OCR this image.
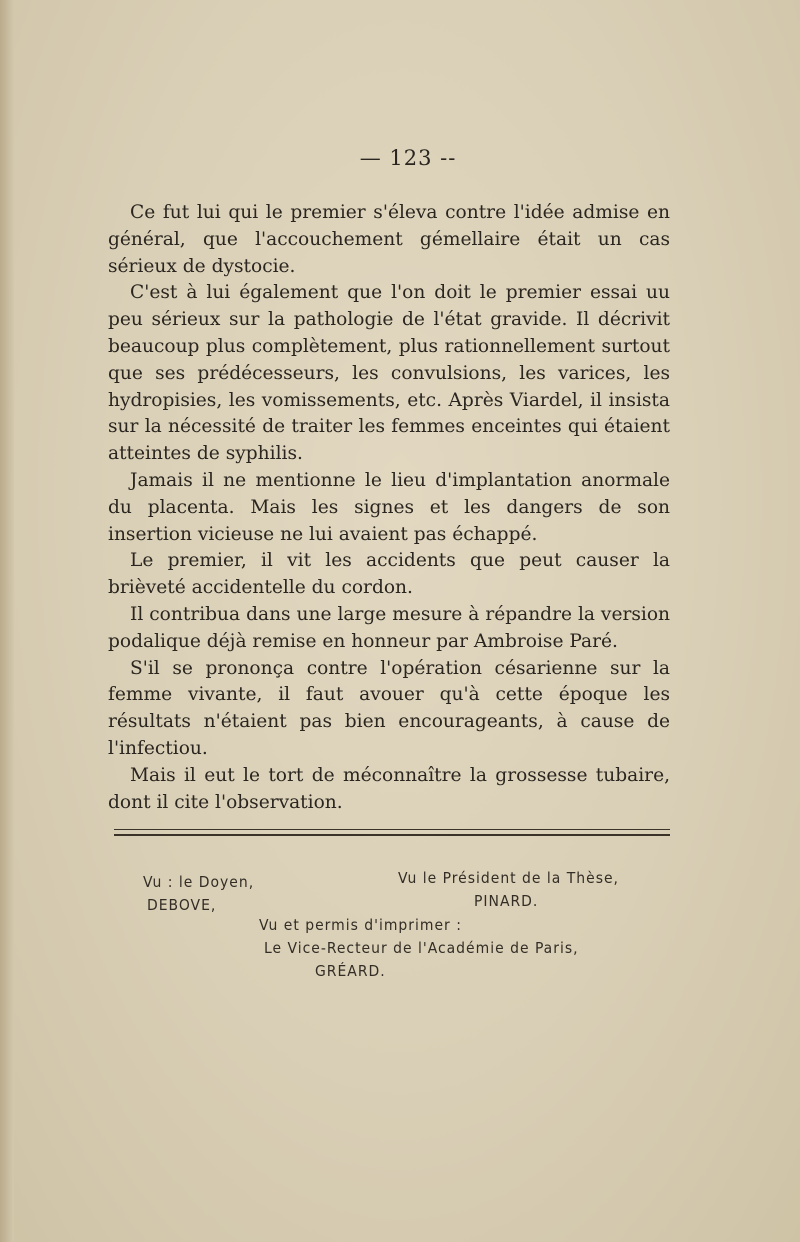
— 123 --

Ce fut lui qui le premier s'éleva contre l'idée admise en général, que l'accouchement gémellaire était un cas sérieux de dystocie.

C'est à lui également que l'on doit le premier essai uu peu sérieux sur la pathologie de l'état gravide. Il décrivit beaucoup plus complètement, plus rationnellement surtout que ses prédécesseurs, les convulsions, les varices, les hydropisies, les vomissements, etc. Après Viardel, il insista sur la nécessité de traiter les femmes enceintes qui étaient atteintes de syphilis.

Jamais il ne mentionne le lieu d'implantation anormale du placenta. Mais les signes et les dangers de son insertion vicieuse ne lui avaient pas échappé.

Le premier, il vit les accidents que peut causer la brièveté accidentelle du cordon.

Il contribua dans une large mesure à répandre la version podalique déjà remise en honneur par Ambroise Paré.

S'il se prononça contre l'opération césarienne sur la femme vivante, il faut avouer qu'à cette époque les résultats n'étaient pas bien encourageants, à cause de l'infectiou.

Mais il eut le tort de méconnaître la grossesse tubaire, dont il cite l'observation.

Vu : le Doyen,
DEBOVE,
Vu le Président de la Thèse,
PINARD.
Vu et permis d'imprimer :
Le Vice-Recteur de l'Académie de Paris,
GRÉARD.
